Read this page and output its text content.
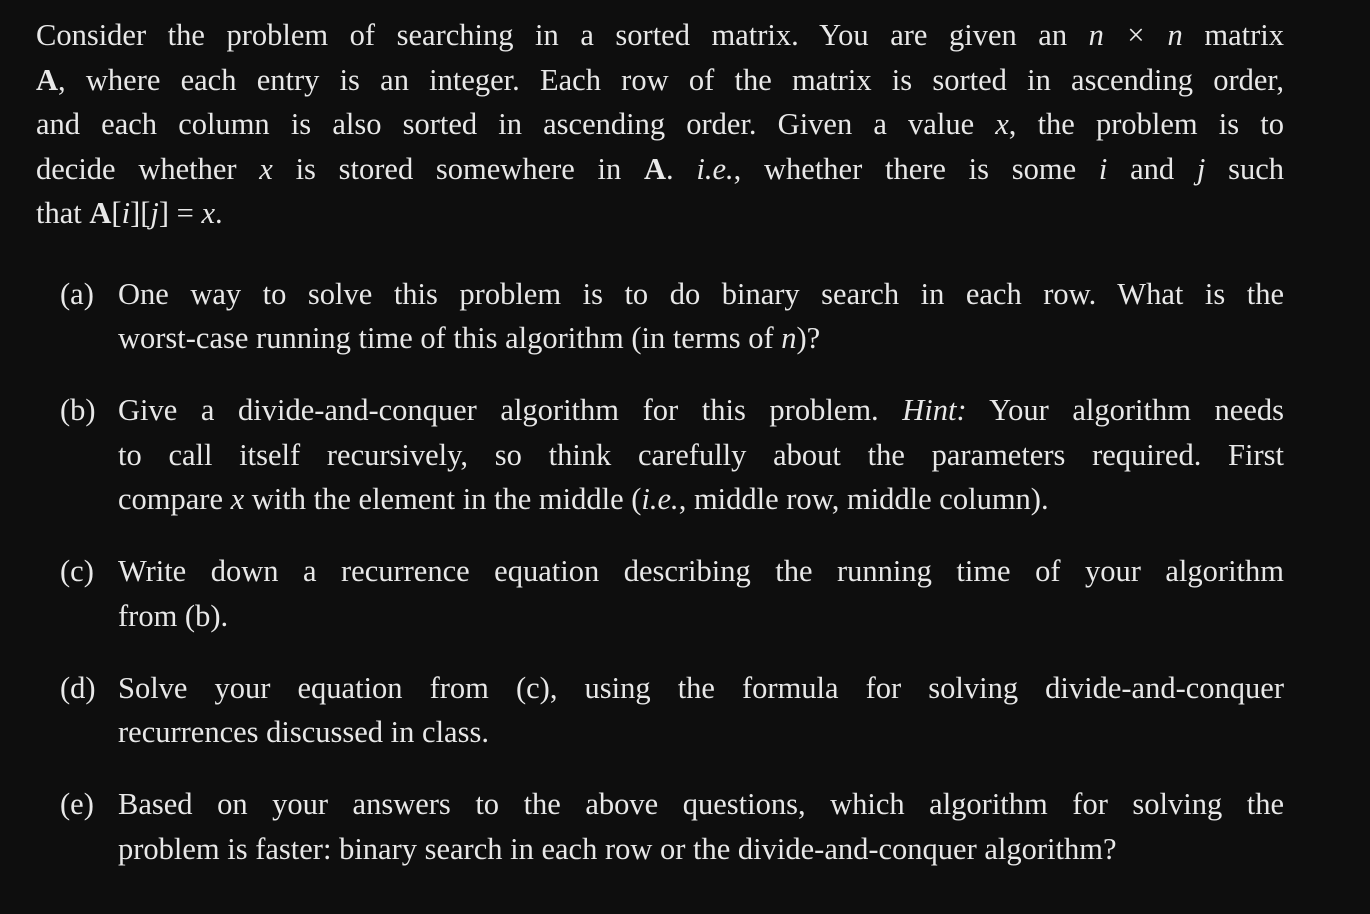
Consider the problem of searching in a sorted matrix. You are given an n × n matrix
A, where each entry is an integer. Each row of the matrix is sorted in ascending order,
and each column is also sorted in ascending order. Given a value x, the problem is to
decide whether x is stored somewhere in A. i.e., whether there is some i and j such
that A[i][j] = x.
(a) One way to solve this problem is to do binary search in each row. What is the
worst-case running time of this algorithm (in terms of n)?
(b) Give a divide-and-conquer algorithm for this problem. Hint: Your algorithm needs
to call itself recursively, so think carefully about the parameters required. First
compare x with the element in the middle (i.e., middle row, middle column).
(c) Write down a recurrence equation describing the running time of your algorithm
from (b).
(d) Solve your equation from (c), using the formula for solving divide-and-conquer
recurrences discussed in class.
(e) Based on your answers to the above questions, which algorithm for solving the
problem is faster: binary search in each row or the divide-and-conquer algorithm?
